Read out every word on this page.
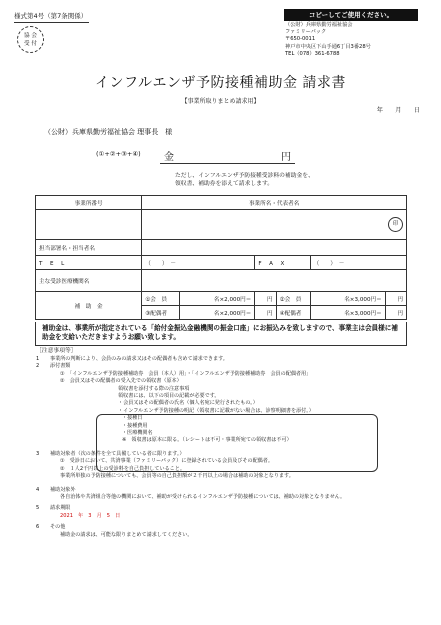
様式第4号（第7条関係）	コピーしてご使用ください。
協 会
受 付
（公財）兵庫県勤労福祉協会
ファミリーパック
〒650-0011
神戸市中央区下山手通6丁目3番28号
TEL（078）361-6788
インフルエンザ予防接種補助金 請求書
【事業所取りまとめ請求用】
年　　月　　日
（公財）兵庫県勤労福祉協会 理事長　様
(①+②+③+④)	金	円
ただし、インフルエンザ予防接種受診料の補助金を、
領収書、補助券を添えて請求します。
事業所番号	事業所名・代表者名					
	印					
担当部署名・担当者名						
T　E　L	（　　）　－		F　A　X		（　　）　－	
主な受診医療機関名						
補　助　金	①会　員	名×2,000円＝	円	②会　員	名×3,000円＝	円
	③配偶者	名×2,000円＝	円	④配偶者	名×3,000円＝	円
補助金は、事業所が指定されている「給付金振込金融機関の振金口座」にお振込みを致しますので、事業主は会員様に補助金を支給いただきますようお願い致します。
［注意事項等］
1 事業所の判断により、会員のみの請求又はその配偶者も含めて請求できます。
2 添付書類
①　「インフルエンザ予防接種補助券　会員（本人）用」・「インフルエンザ予防接種補助券　会員の配偶者用」
②　会員又はその配偶者の受入先での領収書（原本）
領収書を添付する際の注意事項
領収書には、以下の項目の記載が必要です。
・会員又はその配偶者の氏名（個人名宛に発行されたもの。）
・インフルエンザ予防接種の明記（領収書に記載がない場合は、診察明細書を添付。）
・接種日
・接種費用
・医療機関名
※　領収書は原本に限る。（レシートは不可・事業所宛ての領収書は不可）
3 補助対象者（次の条件を全て具備している者に限ります。）
①　受診日において、共済事業（ファミリーパック）に登録されている会員及びその配偶者。
②　１人2千円以上の受診料を自己負担していること。
事業所単独の予防接種についても、会員等の自己負担額が２千円以上の場合は補助の対象となります。
4 補助対象外
各自治体や共済組合等他の機関において、補助が受けられるインフルエンザ予防接種については、補助の対象となりません。
5 請求期限
2021　年　3　月　5　日
6 その他
補助金の請求は、可能な限りまとめて請求してください。
